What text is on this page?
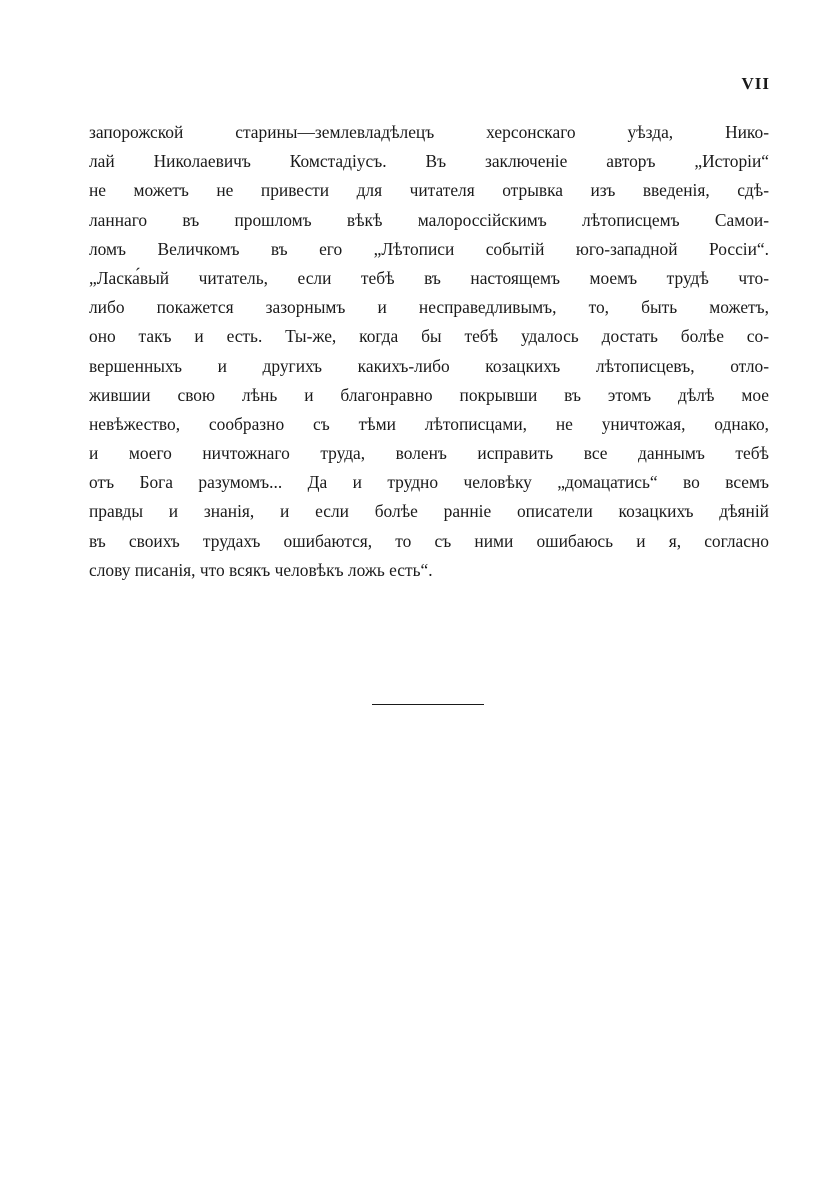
VII
запорожской старины—землевладѣлецъ херсонскаго уѣзда, Нико-
лай Николаевичъ Комстадіусъ. Въ заключеніе авторъ „Исторіи“
не можетъ не привести для читателя отрывка изъ введенія, сдѣ-
ланнаго въ прошломъ вѣкѣ малороссійскимъ лѣтописцемъ Самои-
ломъ Величкомъ въ его „Лѣтописи событій юго-западной Россіи“.
„Ласка́вый читатель, если тебѣ въ настоящемъ моемъ трудѣ что-
либо покажется зазорнымъ и несправедливымъ, то, быть можетъ,
оно такъ и есть. Ты-же, когда бы тебѣ удалось достать болѣе со-
вершенныхъ и другихъ какихъ-либо козацкихъ лѣтописцевъ, отло-
жившии свою лѣнь и благонравно покрывши въ этомъ дѣлѣ мое
невѣжество, сообразно съ тѣми лѣтописцами, не уничтожая, однако,
и моего ничтожнаго труда, воленъ исправить все даннымъ тебѣ
отъ Бога разумомъ... Да и трудно человѣку „домацатись“ во всемъ
правды и знанія, и если болѣе ранніе описатели козацкихъ дѣяній
въ своихъ трудахъ ошибаются, то съ ними ошибаюсь и я, согласно
слову писанія, что всякъ человѣкъ ложь есть“.
